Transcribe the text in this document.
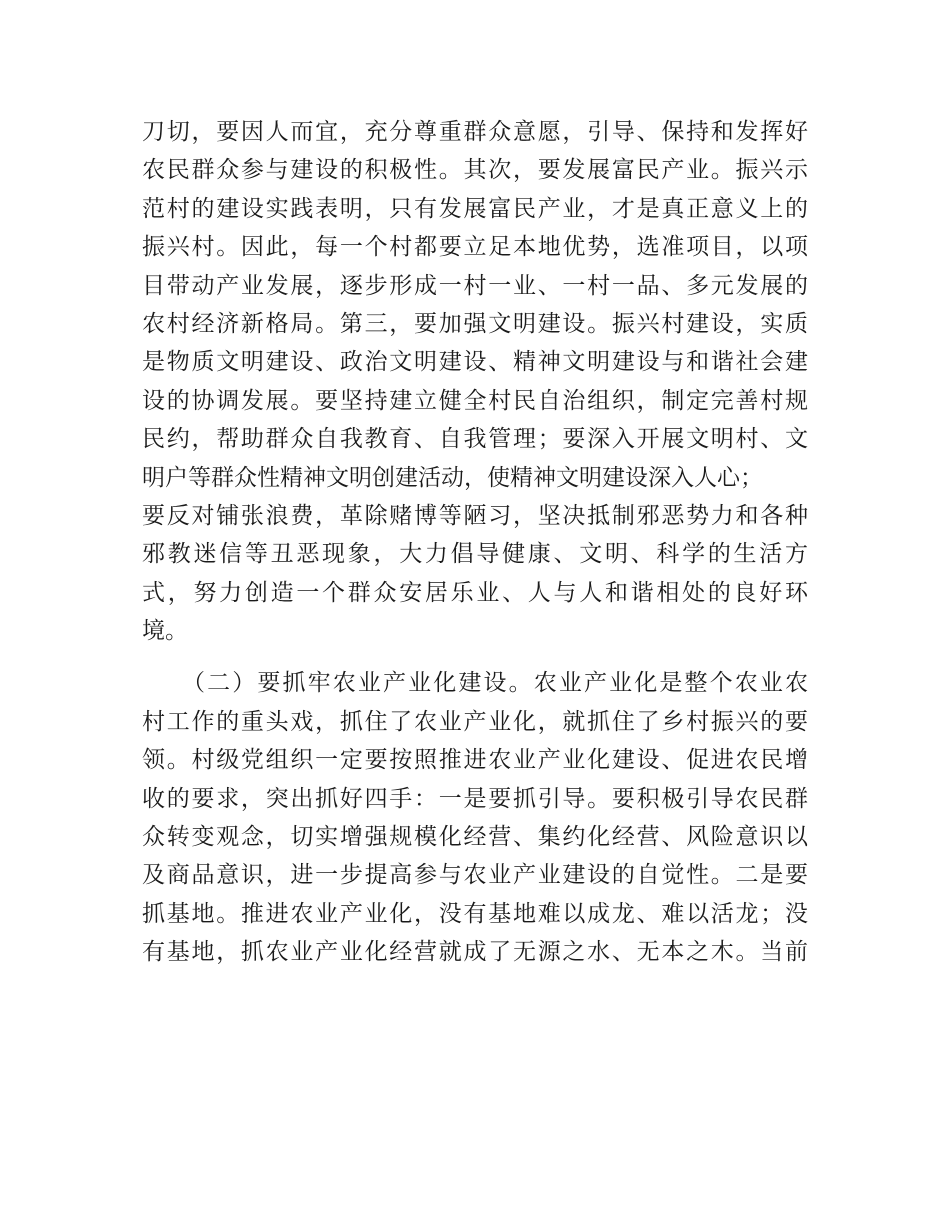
刀切，要因人而宜，充分尊重群众意愿，引导、保持和发挥好
农民群众参与建设的积极性。其次，要发展富民产业。振兴示
范村的建设实践表明，只有发展富民产业，才是真正意义上的
振兴村。因此，每一个村都要立足本地优势，选准项目，以项
目带动产业发展，逐步形成一村一业、一村一品、多元发展的
农村经济新格局。第三，要加强文明建设。振兴村建设，实质
是物质文明建设、政治文明建设、精神文明建设与和谐社会建
设的协调发展。要坚持建立健全村民自治组织，制定完善村规
民约，帮助群众自我教育、自我管理；要深入开展文明村、文
明户等群众性精神文明创建活动，使精神文明建设深入人心；
要反对铺张浪费，革除赌博等陋习，坚决抵制邪恶势力和各种
邪教迷信等丑恶现象，大力倡导健康、文明、科学的生活方
式，努力创造一个群众安居乐业、人与人和谐相处的良好环
境。
（二）要抓牢农业产业化建设。农业产业化是整个农业农
村工作的重头戏，抓住了农业产业化，就抓住了乡村振兴的要
领。村级党组织一定要按照推进农业产业化建设、促进农民增
收的要求，突出抓好四手：一是要抓引导。要积极引导农民群
众转变观念，切实增强规模化经营、集约化经营、风险意识以
及商品意识，进一步提高参与农业产业建设的自觉性。二是要
抓基地。推进农业产业化，没有基地难以成龙、难以活龙；没
有基地，抓农业产业化经营就成了无源之水、无本之木。当前
